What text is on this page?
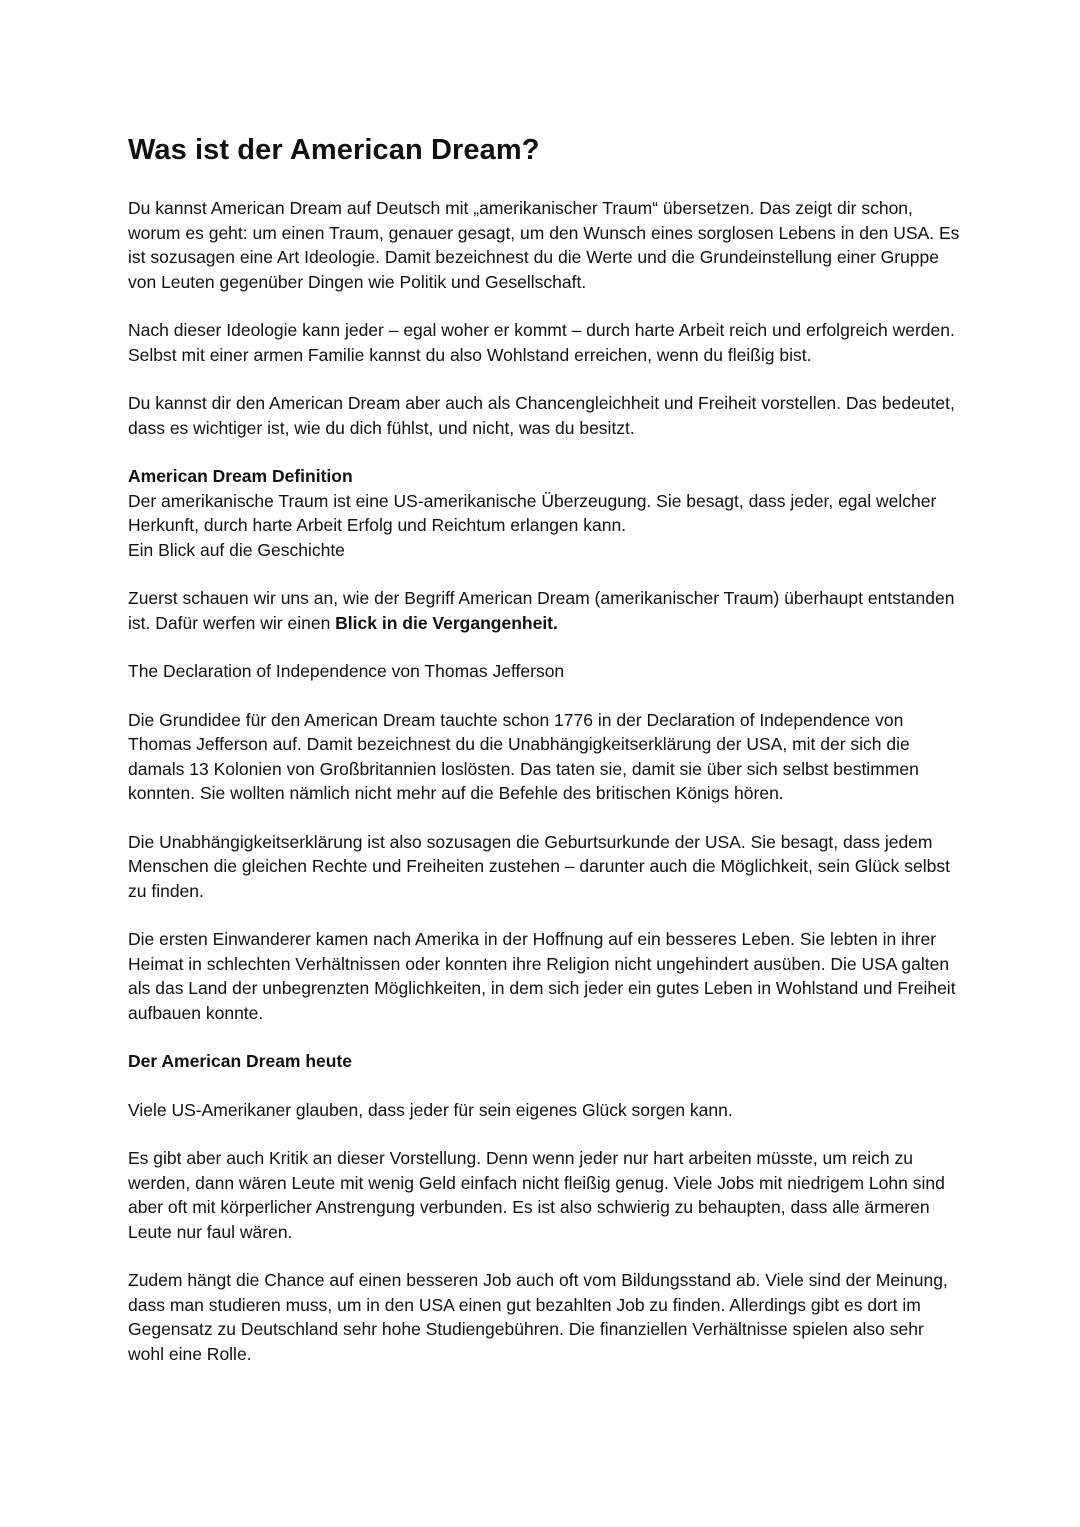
Was ist der American Dream?

Du kannst American Dream auf Deutsch mit „amerikanischer Traum“ übersetzen. Das zeigt dir schon, worum es geht: um einen Traum, genauer gesagt, um den Wunsch eines sorglosen Lebens in den USA. Es ist sozusagen eine Art Ideologie. Damit bezeichnest du die Werte und die Grundeinstellung einer Gruppe von Leuten gegenüber Dingen wie Politik und Gesellschaft.

Nach dieser Ideologie kann jeder – egal woher er kommt – durch harte Arbeit reich und erfolgreich werden. Selbst mit einer armen Familie kannst du also Wohlstand erreichen, wenn du fleißig bist.

Du kannst dir den American Dream aber auch als Chancengleichheit und Freiheit vorstellen. Das bedeutet, dass es wichtiger ist, wie du dich fühlst, und nicht, was du besitzt.

American Dream Definition
Der amerikanische Traum ist eine US-amerikanische Überzeugung. Sie besagt, dass jeder, egal welcher Herkunft, durch harte Arbeit Erfolg und Reichtum erlangen kann.
Ein Blick auf die Geschichte

Zuerst schauen wir uns an, wie der Begriff American Dream (amerikanischer Traum) überhaupt entstanden ist. Dafür werfen wir einen Blick in die Vergangenheit.

The Declaration of Independence von Thomas Jefferson

Die Grundidee für den American Dream tauchte schon 1776 in der Declaration of Independence von Thomas Jefferson auf. Damit bezeichnest du die Unabhängigkeitserklärung der USA, mit der sich die damals 13 Kolonien von Großbritannien loslösten. Das taten sie, damit sie über sich selbst bestimmen konnten. Sie wollten nämlich nicht mehr auf die Befehle des britischen Königs hören.

Die Unabhängigkeitserklärung ist also sozusagen die Geburtsurkunde der USA. Sie besagt, dass jedem Menschen die gleichen Rechte und Freiheiten zustehen – darunter auch die Möglichkeit, sein Glück selbst zu finden.

Die ersten Einwanderer kamen nach Amerika in der Hoffnung auf ein besseres Leben. Sie lebten in ihrer Heimat in schlechten Verhältnissen oder konnten ihre Religion nicht ungehindert ausüben. Die USA galten als das Land der unbegrenzten Möglichkeiten, in dem sich jeder ein gutes Leben in Wohlstand und Freiheit aufbauen konnte.

Der American Dream heute

Viele US-Amerikaner glauben, dass jeder für sein eigenes Glück sorgen kann.

Es gibt aber auch Kritik an dieser Vorstellung. Denn wenn jeder nur hart arbeiten müsste, um reich zu werden, dann wären Leute mit wenig Geld einfach nicht fleißig genug. Viele Jobs mit niedrigem Lohn sind aber oft mit körperlicher Anstrengung verbunden. Es ist also schwierig zu behaupten, dass alle ärmeren Leute nur faul wären.

Zudem hängt die Chance auf einen besseren Job auch oft vom Bildungsstand ab. Viele sind der Meinung, dass man studieren muss, um in den USA einen gut bezahlten Job zu finden. Allerdings gibt es dort im Gegensatz zu Deutschland sehr hohe Studiengebühren. Die finanziellen Verhältnisse spielen also sehr wohl eine Rolle.
